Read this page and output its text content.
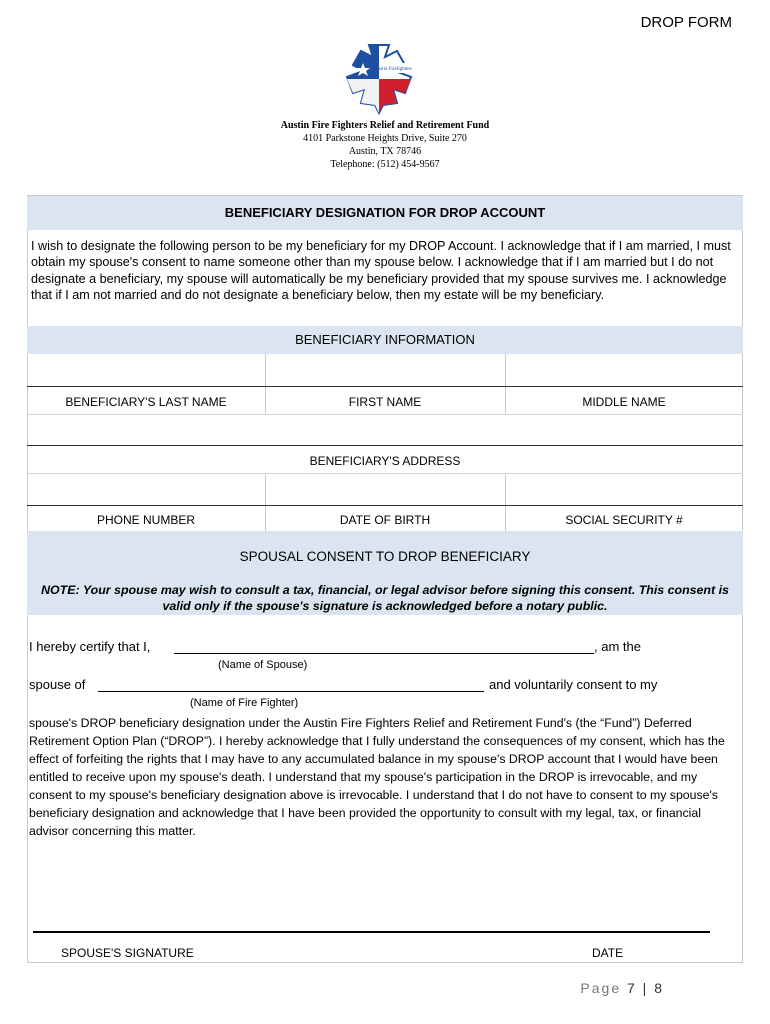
DROP FORM
Austin Firefighters
Austin Fire Fighters Relief and Retirement Fund
4101 Parkstone Heights Drive, Suite 270
Austin, TX 78746
Telephone: (512) 454-9567
BENEFICIARY DESIGNATION FOR DROP ACCOUNT
I wish to designate the following person to be my beneficiary for my DROP Account. I acknowledge that if I am married, I must obtain my spouse's consent to name someone other than my spouse below. I acknowledge that if I am married but I do not designate a beneficiary, my spouse will automatically be my beneficiary provided that my spouse survives me. I acknowledge that if I am not married and do not designate a beneficiary below, then my estate will be my beneficiary.
BENEFICIARY INFORMATION
BENEFICIARY'S LAST NAME	FIRST NAME	MIDDLE NAME
BENEFICIARY'S ADDRESS
PHONE NUMBER	DATE OF BIRTH	SOCIAL SECURITY #
SPOUSAL CONSENT TO DROP BENEFICIARY
NOTE: Your spouse may wish to consult a tax, financial, or legal advisor before signing this consent. This consent is valid only if the spouse's signature is acknowledged before a notary public.
I hereby certify that I,	, am the
(Name of Spouse)
spouse of	and voluntarily consent to my
(Name of Fire Fighter)
spouse's DROP beneficiary designation under the Austin Fire Fighters Relief and Retirement Fund's (the “Fund”) Deferred Retirement Option Plan (“DROP”). I hereby acknowledge that I fully understand the consequences of my consent, which has the effect of forfeiting the rights that I may have to any accumulated balance in my spouse's DROP account that I would have been entitled to receive upon my spouse's death. I understand that my spouse's participation in the DROP is irrevocable, and my consent to my spouse's beneficiary designation above is irrevocable. I understand that I do not have to consent to my spouse's beneficiary designation and acknowledge that I have been provided the opportunity to consult with my legal, tax, or financial advisor concerning this matter.
SPOUSE'S SIGNATURE	DATE
Page 7 | 8
